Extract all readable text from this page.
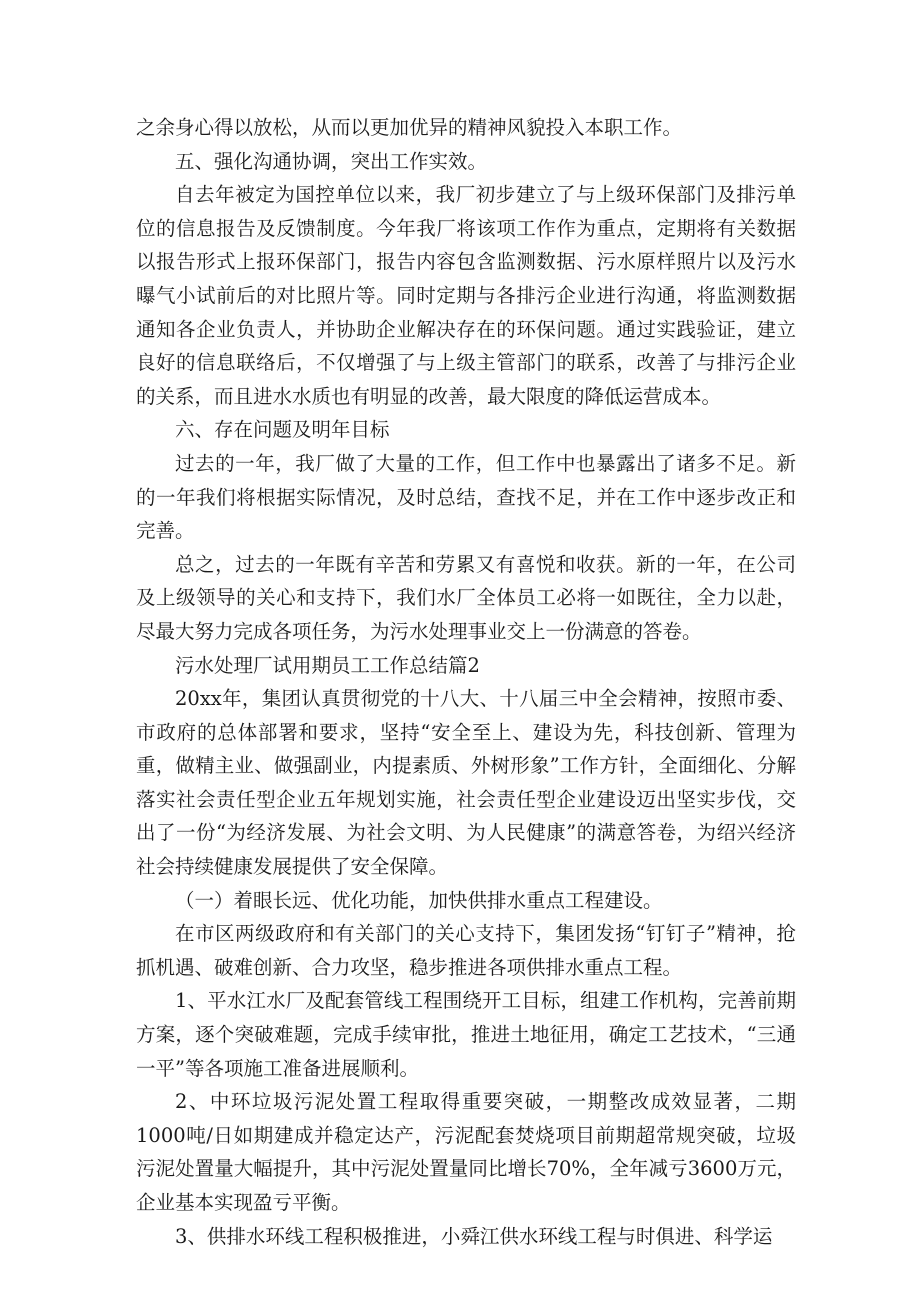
之余身心得以放松，从而以更加优异的精神风貌投入本职工作。

五、强化沟通协调，突出工作实效。

自去年被定为国控单位以来，我厂初步建立了与上级环保部门及排污单位的信息报告及反馈制度。今年我厂将该项工作作为重点，定期将有关数据以报告形式上报环保部门，报告内容包含监测数据、污水原样照片以及污水曝气小试前后的对比照片等。同时定期与各排污企业进行沟通，将监测数据通知各企业负责人，并协助企业解决存在的环保问题。通过实践验证，建立良好的信息联络后，不仅增强了与上级主管部门的联系，改善了与排污企业的关系，而且进水水质也有明显的改善，最大限度的降低运营成本。

六、存在问题及明年目标

过去的一年，我厂做了大量的工作，但工作中也暴露出了诸多不足。新的一年我们将根据实际情况，及时总结，查找不足，并在工作中逐步改正和完善。

总之，过去的一年既有辛苦和劳累又有喜悦和收获。新的一年，在公司及上级领导的关心和支持下，我们水厂全体员工必将一如既往，全力以赴，尽最大努力完成各项任务，为污水处理事业交上一份满意的答卷。

污水处理厂试用期员工工作总结篇2

20xx年，集团认真贯彻党的十八大、十八届三中全会精神，按照市委、市政府的总体部署和要求，坚持“安全至上、建设为先，科技创新、管理为重，做精主业、做强副业，内提素质、外树形象”工作方针，全面细化、分解落实社会责任型企业五年规划实施，社会责任型企业建设迈出坚实步伐，交出了一份“为经济发展、为社会文明、为人民健康”的满意答卷，为绍兴经济社会持续健康发展提供了安全保障。

（一）着眼长远、优化功能，加快供排水重点工程建设。

在市区两级政府和有关部门的关心支持下，集团发扬“钉钉子”精神，抢抓机遇、破难创新、合力攻坚，稳步推进各项供排水重点工程。

1、平水江水厂及配套管线工程围绕开工目标，组建工作机构，完善前期方案，逐个突破难题，完成手续审批，推进土地征用，确定工艺技术，“三通一平”等各项施工准备进展顺利。

2、中环垃圾污泥处置工程取得重要突破，一期整改成效显著，二期1000吨/日如期建成并稳定达产，污泥配套焚烧项目前期超常规突破，垃圾污泥处置量大幅提升，其中污泥处置量同比增长70%，全年减亏3600万元，企业基本实现盈亏平衡。

3、供排水环线工程积极推进，小舜江供水环线工程与时俱进、科学运
